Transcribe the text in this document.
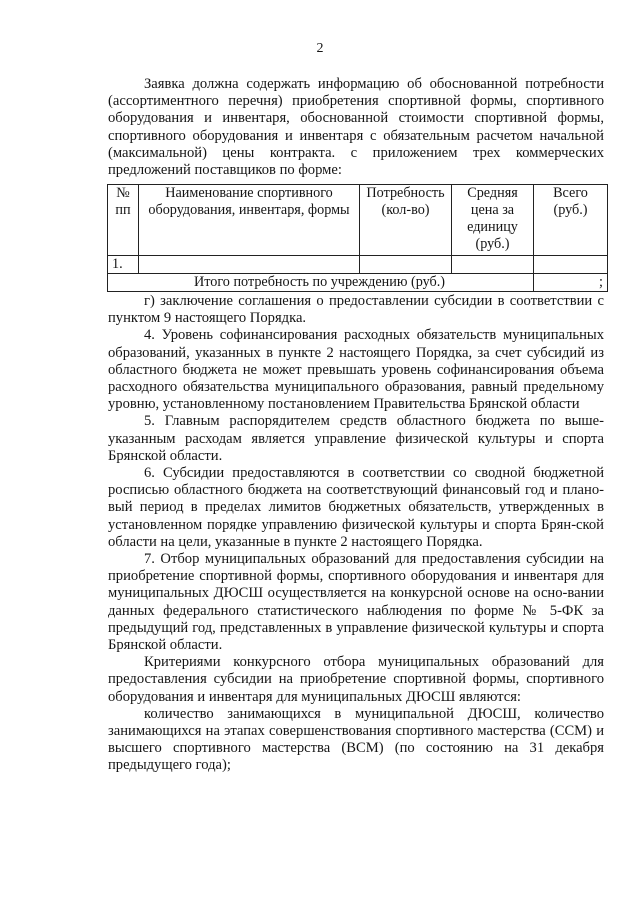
2

Заявка должна содержать информацию об обоснованной потребности (ассортиментного перечня) приобретения спортивной формы, спортивного оборудования и инвентаря, обоснованной стоимости спортивной формы, спортивного оборудования и инвентаря с обязательным расчетом начальной (максимальной) цены контракта. с приложением трех коммерческих предложений поставщиков по форме:

№ пп	Наименование спортивного оборудования, инвентаря, формы	Потребность (кол-во)	Средняя цена за единицу (руб.)	Всего (руб.)
1.				
Итого потребность по учреждению (руб.)				;

г) заключение соглашения о предоставлении субсидии в соответствии с пунктом 9 настоящего Порядка.

4. Уровень софинансирования расходных обязательств муниципальных образований, указанных в пункте 2 настоящего Порядка, за счет субсидий из областного бюджета не может превышать уровень софинансирования объема расходного обязательства муниципального образования, равный предельному уровню, установленному постановлением Правительства Брянской области

5. Главным распорядителем средств областного бюджета по выше-указанным расходам является управление физической культуры и спорта Брянской области.

6. Субсидии предоставляются в соответствии со сводной бюджетной росписью областного бюджета на соответствующий финансовый год и плано-вый период в пределах лимитов бюджетных обязательств, утвержденных в установленном порядке управлению физической культуры и спорта Брян-ской области на цели, указанные в пункте 2 настоящего Порядка.

7. Отбор муниципальных образований для предоставления субсидии на приобретение спортивной формы, спортивного оборудования и инвентаря для муниципальных ДЮСШ осуществляется на конкурсной основе на осно-вании данных федерального статистического наблюдения по форме № 5-ФК за предыдущий год, представленных в управление физической культуры и спорта Брянской области.

Критериями конкурсного отбора муниципальных образований для предоставления субсидии на приобретение спортивной формы, спортивного оборудования и инвентаря для муниципальных ДЮСШ являются:

количество занимающихся в муниципальной ДЮСШ, количество занимающихся на этапах совершенствования спортивного мастерства (ССМ) и высшего спортивного мастерства (ВСМ) (по состоянию на 31 декабря предыдущего года);
